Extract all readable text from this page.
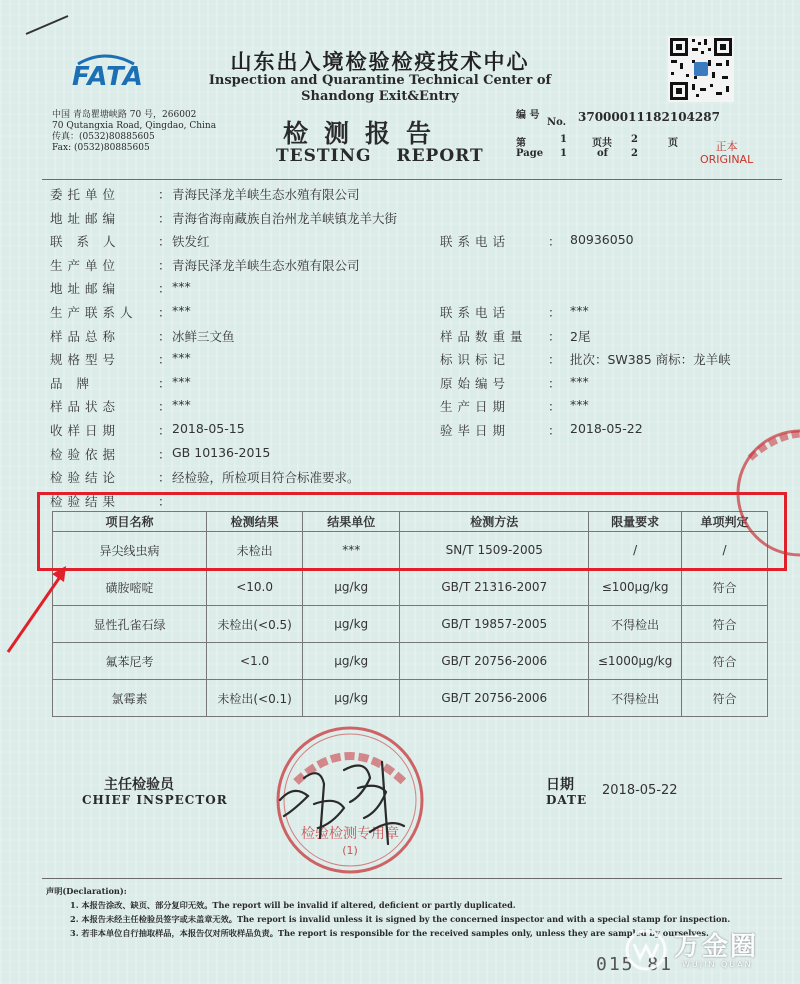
FATA
山东出入境检验检疫技术中心
Inspection and Quarantine Technical Center of
Shandong Exit&Entry
中国 青岛瞿塘峡路 70 号，266002
70 Qutangxia Road, Qingdao, China
传真：(0532)80885605
Fax: (0532)80885605	检测报告
TESTING REPORT
编 号
No. 37000011182104287
第	1	页共 2	页
Page 1	of 2
正本
ORIGINAL
委托单位	： 青海民泽龙羊峡生态水殖有限公司
地址邮编	： 青海省海南藏族自治州龙羊峡镇龙羊大街
联 系 人	： 铁发红	联系电话	： 80936050
生产单位	： 青海民泽龙羊峡生态水殖有限公司
地址邮编	： ***
生产联系人 ： ***	联系电话	： ***
样品总称	： 冰鲜三文鱼	样品数重量 ： 2尾
规格型号	： ***	标识标记	： 批次：SW385 商标：龙羊峡
品 牌	： ***	原始编号	： ***
样品状态	： ***	生产日期	： ***
收样日期	： 2018-05-15	验毕日期	： 2018-05-22
检验依据	： GB 10136-2015
检验结论	： 经检验，所检项目符合标准要求。
检验结果	：
项目名称	检测结果	结果单位	检测方法	限量要求	单项判定
异尖线虫病	未检出	***	SN/T 1509-2005	/	/
磺胺嘧啶	<10.0	μg/kg	GB/T 21316-2007	≤100μg/kg	符合
显性孔雀石绿	未检出(<0.5)	μg/kg	GB/T 19857-2005	不得检出	符合
氟苯尼考	<1.0	μg/kg	GB/T 20756-2006	≤1000μg/kg	符合
氯霉素	未检出(<0.1)	μg/kg	GB/T 20756-2006	不得检出	符合
主任检验员
CHIEF INSPECTOR
日期
DATE
2018-05-22
检验检测专用章
(1)
声明(Declaration):
1. 本报告涂改、缺页、部分复印无效。The report will be invalid if altered, deficient or partly duplicated.
2. 本报告未经主任检验员签字或未盖章无效。The report is invalid unless it is signed by the concerned inspector and with a special stamp for inspection.
3. 若非本单位自行抽取样品，本报告仅对所收样品负责。The report is responsible for the received samples only, unless they are sampled by ourselves.
015 81
万金圈
WUJIN QUAN
